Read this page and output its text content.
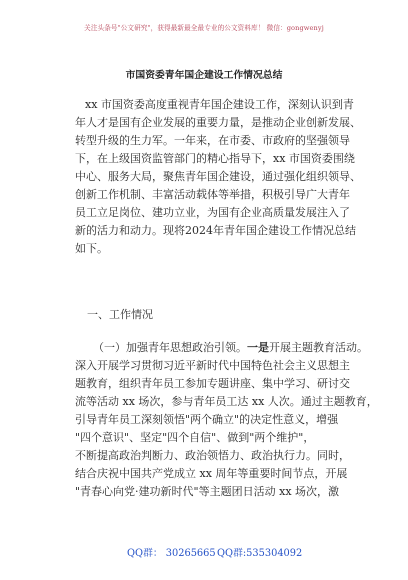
关注头条号"公文研究"，获得最新最全最专业的公文资料库！ 微信：gongwenyj
市国资委青年国企建设工作情况总结
xx 市国资委高度重视青年国企建设工作，深刻认识到青
年人才是国有企业发展的重要力量，是推动企业创新发展、
转型升级的生力军。一年来，在市委、市政府的坚强领导
下，在上级国资监管部门的精心指导下，xx 市国资委围绕
中心、服务大局，聚焦青年国企建设，通过强化组织领导、
创新工作机制、丰富活动载体等举措，积极引导广大青年
员工立足岗位、建功立业，为国有企业高质量发展注入了
新的活力和动力。现将2024年青年国企建设工作情况总结
如下。
一、工作情况
（一）加强青年思想政治引领。一是开展主题教育活动。
深入开展学习贯彻习近平新时代中国特色社会主义思想主
题教育，组织青年员工参加专题讲座、集中学习、研讨交
流等活动 xx 场次，参与青年员工达 xx 人次。通过主题教育，
引导青年员工深刻领悟"两个确立"的决定性意义，增强
"四个意识"、坚定"四个自信"、做到"两个维护"，
不断提高政治判断力、政治领悟力、政治执行力。同时，
结合庆祝中国共产党成立 xx 周年等重要时间节点，开展
"青春心向党·建功新时代"等主题团日活动 xx 场次，激
QQ群： 30265665 QQ群:535304092
